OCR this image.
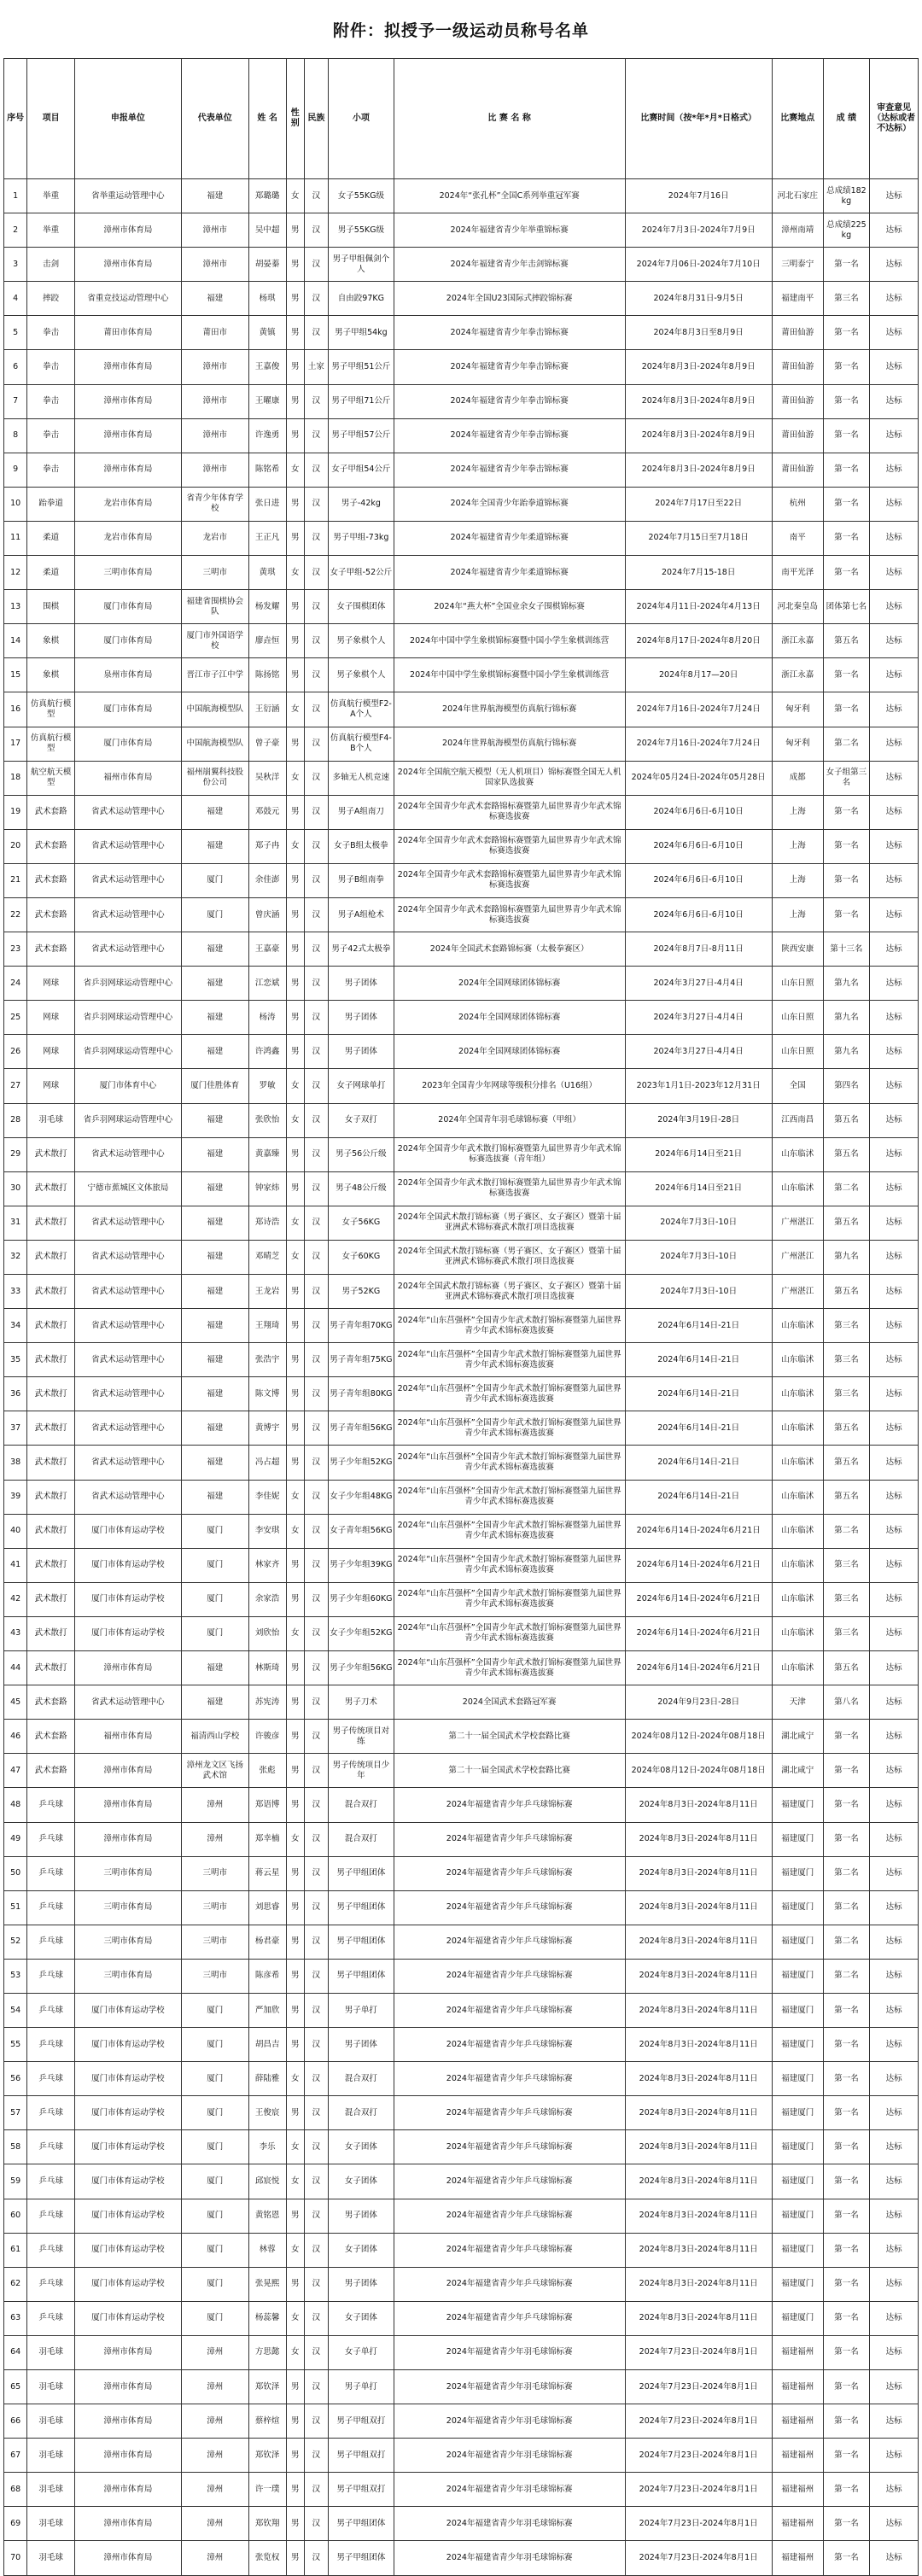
附件：拟授予一级运动员称号名单
序号	项目	申报单位	代表单位	姓 名	性别	民族	小项	比 赛 名 称	比赛时间（按*年*月*日格式）	比赛地点	成 绩	审查意见（达标或者不达标）
1	举重	省举重运动管理中心	福建	郑璐璐	女	汉	女子55KG级	2024年“张孔杯”全国C系列举重冠军赛	2024年7月16日	河北石家庄	总成绩182kg	达标
2	举重	漳州市体育局	漳州市	吴中超	男	汉	男子55KG级	2024年福建省青少年举重锦标赛	2024年7月3日-2024年7月9日	漳州南靖	总成绩225kg	达标
3	击剑	漳州市体育局	漳州市	胡晏蓁	男	汉	男子甲组佩剑个人	2024年福建省青少年击剑锦标赛	2024年7月06日-2024年7月10日	三明泰宁	第一名	达标
4	摔跤	省重竞技运动管理中心	福建	杨琪	男	汉	自由跤97KG	2024年全国U23国际式摔跤锦标赛	2024年8月31日-9月5日	福建南平	第三名	达标
5	拳击	莆田市体育局	莆田市	黄镇	男	汉	男子甲组54kg	2024年福建省青少年拳击锦标赛	2024年8月3日至8月9日	莆田仙游	第一名	达标
6	拳击	漳州市体育局	漳州市	王嘉俊	男	土家	男子甲组51公斤	2024年福建省青少年拳击锦标赛	2024年8月3日-2024年8月9日	莆田仙游	第一名	达标
7	拳击	漳州市体育局	漳州市	王曜康	男	汉	男子甲组71公斤	2024年福建省青少年拳击锦标赛	2024年8月3日-2024年8月9日	莆田仙游	第一名	达标
8	拳击	漳州市体育局	漳州市	许逸勇	男	汉	男子甲组57公斤	2024年福建省青少年拳击锦标赛	2024年8月3日-2024年8月9日	莆田仙游	第一名	达标
9	拳击	漳州市体育局	漳州市	陈铭希	女	汉	女子甲组54公斤	2024年福建省青少年拳击锦标赛	2024年8月3日-2024年8月9日	莆田仙游	第一名	达标
10	跆拳道	龙岩市体育局	省青少年体育学校	张日进	男	汉	男子-42kg	2024年全国青少年跆拳道锦标赛	2024年7月17日至22日	杭州	第一名	达标
11	柔道	龙岩市体育局	龙岩市	王正凡	男	汉	男子甲组-73kg	2024年福建省青少年柔道锦标赛	2024年7月15日至7月18日	南平	第一名	达标
12	柔道	三明市体育局	三明市	黄琪	女	汉	女子甲组-52公斤	2024年福建省青少年柔道锦标赛	2024年7月15-18日	南平光泽	第一名	达标
13	围棋	厦门市体育局	福建省围棋协会队	杨发耀	男	汉	女子围棋团体	2024年“燕大杯”全国业余女子围棋锦标赛	2024年4月11日-2024年4月13日	河北秦皇岛	团体第七名	达标
14	象棋	厦门市体育局	厦门市外国语学校	廖垚恒	男	汉	男子象棋个人	2024年中国中学生象棋锦标赛暨中国小学生象棋训练营	2024年8月17日-2024年8月20日	浙江永嘉	第五名	达标
15	象棋	泉州市体育局	晋江市子江中学	陈扬铭	男	汉	男子象棋个人	2024年中国中学生象棋锦标赛暨中国小学生象棋训练营	2024年8月17—20日	浙江永嘉	第一名	达标
16	仿真航行模型	厦门市体育局	中国航海模型队	王衍涵	女	汉	仿真航行模型F2-A个人	2024年世界航海模型仿真航行锦标赛	2024年7月16日-2024年7月24日	匈牙利	第一名	达标
17	仿真航行模型	厦门市体育局	中国航海模型队	曾子豪	男	汉	仿真航行模型F4-B个人	2024年世界航海模型仿真航行锦标赛	2024年7月16日-2024年7月24日	匈牙利	第二名	达标
18	航空航天模型	福州市体育局	福州崩翼科技股份公司	吴秋洋	女	汉	多轴无人机竞速	2024年全国航空航天模型（无人机项目）锦标赛暨全国无人机国家队选拔赛	2024年05月24日-2024年05月28日	成都	女子组第三名	达标
19	武术套路	省武术运动管理中心	福建	邓鼓元	男	汉	男子A组南刀	2024年全国青少年武术套路锦标赛暨第九届世界青少年武术锦标赛选拔赛	2024年6月6日-6月10日	上海	第一名	达标
20	武术套路	省武术运动管理中心	福建	郑子冉	女	汉	女子B组太极拳	2024年全国青少年武术套路锦标赛暨第九届世界青少年武术锦标赛选拔赛	2024年6月6日-6月10日	上海	第一名	达标
21	武术套路	省武术运动管理中心	厦门	余佳澎	男	汉	男子B组南拳	2024年全国青少年武术套路锦标赛暨第九届世界青少年武术锦标赛选拔赛	2024年6月6日-6月10日	上海	第一名	达标
22	武术套路	省武术运动管理中心	厦门	曾庆涵	男	汉	男子A组枪术	2024年全国青少年武术套路锦标赛暨第九届世界青少年武术锦标赛选拔赛	2024年6月6日-6月10日	上海	第一名	达标
23	武术套路	省武术运动管理中心	福建	王嘉豪	男	汉	男子42式太极拳	2024年全国武术套路锦标赛（太极拳赛区）	2024年8月7日-8月11日	陕西安康	第十三名	达标
24	网球	省乒羽网球运动管理中心	福建	江恋斌	男	汉	男子团体	2024年全国网球团体锦标赛	2024年3月27日-4月4日	山东日照	第九名	达标
25	网球	省乒羽网球运动管理中心	福建	杨涛	男	汉	男子团体	2024年全国网球团体锦标赛	2024年3月27日-4月4日	山东日照	第九名	达标
26	网球	省乒羽网球运动管理中心	福建	许鸿鑫	男	汉	男子团体	2024年全国网球团体锦标赛	2024年3月27日-4月4日	山东日照	第九名	达标
27	网球	厦门市体育中心	厦门佳胜体育	罗敏	女	汉	女子网球单打	2023年全国青少年网球等级积分排名（U16组）	2023年1月1日-2023年12月31日	全国	第四名	达标
28	羽毛球	省乒羽网球运动管理中心	福建	张欣怡	女	汉	女子双打	2024年全国青年羽毛球锦标赛（甲组）	2024年3月19日-28日	江西南昌	第五名	达标
29	武术散打	省武术运动管理中心	福建	黄嘉臻	男	汉	男子56公斤级	2024年全国青少年武术散打锦标赛暨第九届世界青少年武术锦标赛选拔赛（青年组）	2024年6月14日至21日	山东临沭	第五名	达标
30	武术散打	宁德市蕉城区文体旅局	福建	钟家炜	男	汉	男子48公斤级	2024年全国青少年武术散打锦标赛暨第九届世界青少年武术锦标赛选拔赛	2024年6月14日至21日	山东临沭	第二名	达标
31	武术散打	省武术运动管理中心	福建	郑诗浩	女	汉	女子56KG	2024年全国武术散打锦标赛（男子赛区、女子赛区）暨第十届亚洲武术锦标赛武术散打项目选拔赛	2024年7月3日-10日	广州湛江	第五名	达标
32	武术散打	省武术运动管理中心	福建	邓晴芝	女	汉	女子60KG	2024年全国武术散打锦标赛（男子赛区、女子赛区）暨第十届亚洲武术锦标赛武术散打项目选拔赛	2024年7月3日-10日	广州湛江	第九名	达标
33	武术散打	省武术运动管理中心	福建	王龙岩	男	汉	男子52KG	2024年全国武术散打锦标赛（男子赛区、女子赛区）暨第十届亚洲武术锦标赛武术散打项目选拔赛	2024年7月3日-10日	广州湛江	第五名	达标
34	武术散打	省武术运动管理中心	福建	王翔琦	男	汉	男子青年组70KG	2024年“山东莒强杯”全国青少年武术散打锦标赛暨第九届世界青少年武术锦标赛选拔赛	2024年6月14日-21日	山东临沭	第三名	达标
35	武术散打	省武术运动管理中心	福建	张浩宇	男	汉	男子青年组75KG	2024年“山东莒强杯”全国青少年武术散打锦标赛暨第九届世界青少年武术锦标赛选拔赛	2024年6月14日-21日	山东临沭	第三名	达标
36	武术散打	省武术运动管理中心	福建	陈文博	男	汉	男子青年组80KG	2024年“山东莒强杯”全国青少年武术散打锦标赛暨第九届世界青少年武术锦标赛选拔赛	2024年6月14日-21日	山东临沭	第三名	达标
37	武术散打	省武术运动管理中心	福建	黄博宇	男	汉	男子青年组56KG	2024年“山东莒强杯”全国青少年武术散打锦标赛暨第九届世界青少年武术锦标赛选拔赛	2024年6月14日-21日	山东临沭	第五名	达标
38	武术散打	省武术运动管理中心	福建	冯占超	男	汉	男子少年组52KG	2024年“山东莒强杯”全国青少年武术散打锦标赛暨第九届世界青少年武术锦标赛选拔赛	2024年6月14日-21日	山东临沭	第五名	达标
39	武术散打	省武术运动管理中心	福建	李佳妮	女	汉	女子少年组48KG	2024年“山东莒强杯”全国青少年武术散打锦标赛暨第九届世界青少年武术锦标赛选拔赛	2024年6月14日-21日	山东临沭	第五名	达标
40	武术散打	厦门市体育运动学校	厦门	李安琪	女	汉	女子青年组56KG	2024年“山东莒强杯”全国青少年武术散打锦标赛暨第九届世界青少年武术锦标赛选拔赛	2024年6月14日-2024年6月21日	山东临沭	第二名	达标
41	武术散打	厦门市体育运动学校	厦门	林家齐	男	汉	男子少年组39KG	2024年“山东莒强杯”全国青少年武术散打锦标赛暨第九届世界青少年武术锦标赛选拔赛	2024年6月14日-2024年6月21日	山东临沭	第三名	达标
42	武术散打	厦门市体育运动学校	厦门	余家浩	男	汉	男子少年组60KG	2024年“山东莒强杯”全国青少年武术散打锦标赛暨第九届世界青少年武术锦标赛选拔赛	2024年6月14日-2024年6月21日	山东临沭	第三名	达标
43	武术散打	厦门市体育运动学校	厦门	刘欣怡	女	汉	女子少年组52KG	2024年“山东莒强杯”全国青少年武术散打锦标赛暨第九届世界青少年武术锦标赛选拔赛	2024年6月14日-2024年6月21日	山东临沭	第三名	达标
44	武术散打	漳州市体育局	福建	林斯琦	男	汉	男子少年组56KG	2024年“山东莒强杯”全国青少年武术散打锦标赛暨第九届世界青少年武术锦标赛选拔赛	2024年6月14日-2024年6月21日	山东临沭	第五名	达标
45	武术套路	省武术运动管理中心	福建	苏宪涛	男	汉	男子刀术	2024全国武术套路冠军赛	2024年9月23日-28日	天津	第八名	达标
46	武术套路	福州市体育局	福清西山学校	许骏彦	男	汉	男子传统项目对练	第二十一届全国武术学校套路比赛	2024年08月12日-2024年08月18日	湖北咸宁	第一名	达标
47	武术套路	漳州市体育局	漳州龙文区飞扬武术馆	张彪	男	汉	男子传统项目少年	第二十一届全国武术学校套路比赛	2024年08月12日-2024年08月18日	湖北咸宁	第一名	达标
48	乒乓球	漳州市体育局	漳州	郑语博	男	汉	混合双打	2024年福建省青少年乒乓球锦标赛	2024年8月3日-2024年8月11日	福建厦门	第一名	达标
49	乒乓球	漳州市体育局	漳州	郑幸楠	女	汉	混合双打	2024年福建省青少年乒乓球锦标赛	2024年8月3日-2024年8月11日	福建厦门	第一名	达标
50	乒乓球	三明市体育局	三明市	蒋云星	男	汉	男子甲组团体	2024年福建省青少年乒乓球锦标赛	2024年8月3日-2024年8月11日	福建厦门	第二名	达标
51	乒乓球	三明市体育局	三明市	刘思睿	男	汉	男子甲组团体	2024年福建省青少年乒乓球锦标赛	2024年8月3日-2024年8月11日	福建厦门	第二名	达标
52	乒乓球	三明市体育局	三明市	杨君豪	男	汉	男子甲组团体	2024年福建省青少年乒乓球锦标赛	2024年8月3日-2024年8月11日	福建厦门	第二名	达标
53	乒乓球	三明市体育局	三明市	陈彦希	男	汉	男子甲组团体	2024年福建省青少年乒乓球锦标赛	2024年8月3日-2024年8月11日	福建厦门	第二名	达标
54	乒乓球	厦门市体育运动学校	厦门	严加欣	男	汉	男子单打	2024年福建省青少年乒乓球锦标赛	2024年8月3日-2024年8月11日	福建厦门	第一名	达标
55	乒乓球	厦门市体育运动学校	厦门	胡昌吉	男	汉	男子团体	2024年福建省青少年乒乓球锦标赛	2024年8月3日-2024年8月11日	福建厦门	第一名	达标
56	乒乓球	厦门市体育运动学校	厦门	薛陆雅	女	汉	混合双打	2024年福建省青少年乒乓球锦标赛	2024年8月3日-2024年8月11日	福建厦门	第一名	达标
57	乒乓球	厦门市体育运动学校	厦门	王俊宸	男	汉	混合双打	2024年福建省青少年乒乓球锦标赛	2024年8月3日-2024年8月11日	福建厦门	第一名	达标
58	乒乓球	厦门市体育运动学校	厦门	李乐	女	汉	女子团体	2024年福建省青少年乒乓球锦标赛	2024年8月3日-2024年8月11日	福建厦门	第一名	达标
59	乒乓球	厦门市体育运动学校	厦门	邱宸悦	女	汉	女子团体	2024年福建省青少年乒乓球锦标赛	2024年8月3日-2024年8月11日	福建厦门	第一名	达标
60	乒乓球	厦门市体育运动学校	厦门	黄铭恩	男	汉	男子团体	2024年福建省青少年乒乓球锦标赛	2024年8月3日-2024年8月11日	福建厦门	第一名	达标
61	乒乓球	厦门市体育运动学校	厦门	林蓉	女	汉	女子团体	2024年福建省青少年乒乓球锦标赛	2024年8月3日-2024年8月11日	福建厦门	第一名	达标
62	乒乓球	厦门市体育运动学校	厦门	张晃熙	男	汉	男子团体	2024年福建省青少年乒乓球锦标赛	2024年8月3日-2024年8月11日	福建厦门	第一名	达标
63	乒乓球	厦门市体育运动学校	厦门	杨蕊馨	女	汉	女子团体	2024年福建省青少年乒乓球锦标赛	2024年8月3日-2024年8月11日	福建厦门	第一名	达标
64	羽毛球	漳州市体育局	漳州	方思懿	女	汉	女子单打	2024年福建省青少年羽毛球锦标赛	2024年7月23日-2024年8月1日	福建福州	第一名	达标
65	羽毛球	漳州市体育局	漳州	郑钦泽	男	汉	男子单打	2024年福建省青少年羽毛球锦标赛	2024年7月23日-2024年8月1日	福建福州	第一名	达标
66	羽毛球	漳州市体育局	漳州	蔡梓煊	男	汉	男子甲组双打	2024年福建省青少年羽毛球锦标赛	2024年7月23日-2024年8月1日	福建福州	第一名	达标
67	羽毛球	漳州市体育局	漳州	郑钦泽	男	汉	男子甲组双打	2024年福建省青少年羽毛球锦标赛	2024年7月23日-2024年8月1日	福建福州	第一名	达标
68	羽毛球	漳州市体育局	漳州	许一璞	男	汉	男子甲组双打	2024年福建省青少年羽毛球锦标赛	2024年7月23日-2024年8月1日	福建福州	第一名	达标
69	羽毛球	漳州市体育局	漳州	郑钦翔	男	汉	男子甲组团体	2024年福建省青少年羽毛球锦标赛	2024年7月23日-2024年8月1日	福建福州	第一名	达标
70	羽毛球	漳州市体育局	漳州	张览权	男	汉	男子甲组团体	2024年福建省青少年羽毛球锦标赛	2024年7月23日-2024年8月1日	福建福州	第一名	达标
